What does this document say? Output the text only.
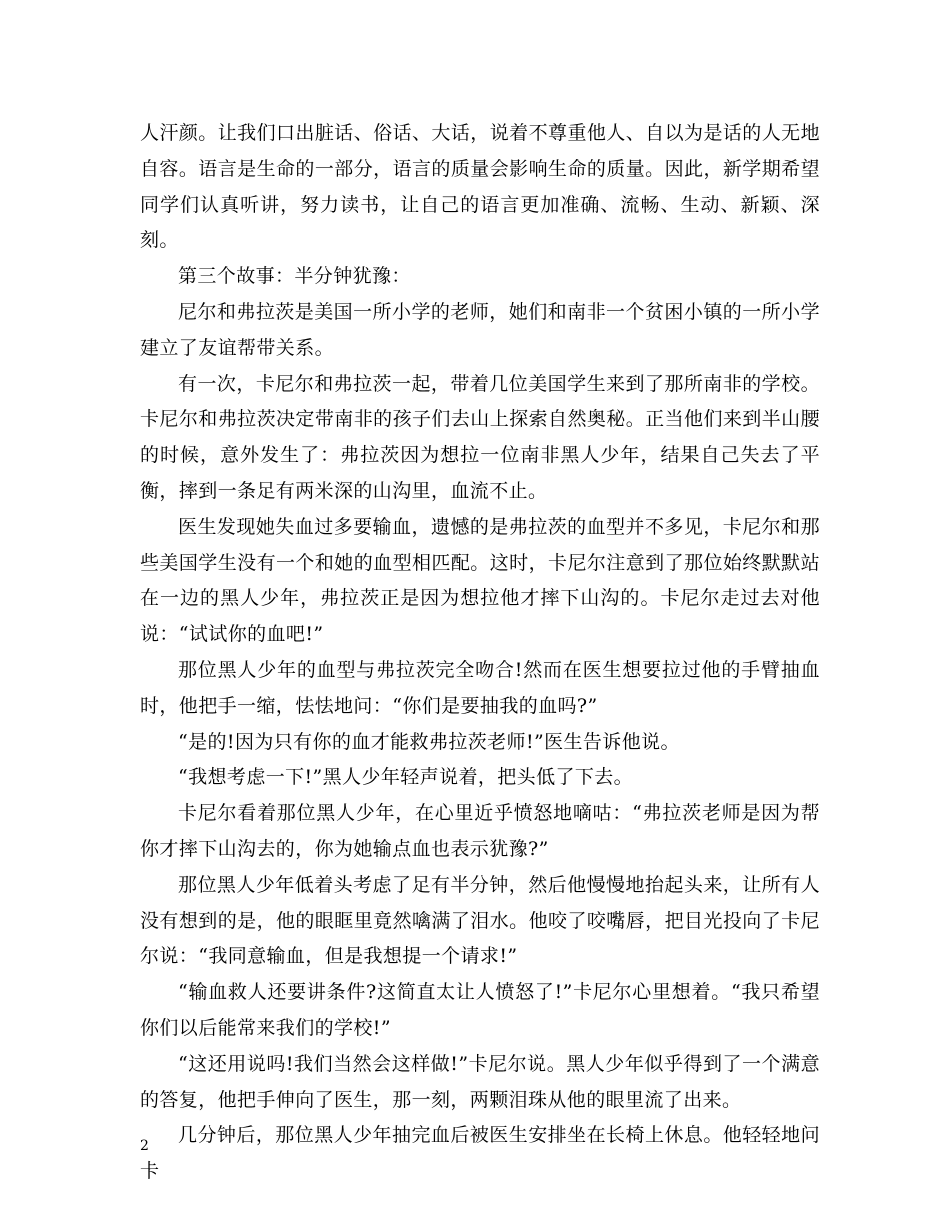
人汗颜。让我们口出脏话、俗话、大话，说着不尊重他人、自以为是话的人无地自容。语言是生命的一部分，语言的质量会影响生命的质量。因此，新学期希望同学们认真听讲，努力读书，让自己的语言更加准确、流畅、生动、新颖、深刻。

第三个故事：半分钟犹豫：

尼尔和弗拉茨是美国一所小学的老师，她们和南非一个贫困小镇的一所小学建立了友谊帮带关系。

有一次，卡尼尔和弗拉茨一起，带着几位美国学生来到了那所南非的学校。卡尼尔和弗拉茨决定带南非的孩子们去山上探索自然奥秘。正当他们来到半山腰的时候，意外发生了：弗拉茨因为想拉一位南非黑人少年，结果自己失去了平衡，摔到一条足有两米深的山沟里，血流不止。

医生发现她失血过多要输血，遗憾的是弗拉茨的血型并不多见，卡尼尔和那些美国学生没有一个和她的血型相匹配。这时，卡尼尔注意到了那位始终默默站在一边的黑人少年，弗拉茨正是因为想拉他才摔下山沟的。卡尼尔走过去对他说：“试试你的血吧!”

那位黑人少年的血型与弗拉茨完全吻合!然而在医生想要拉过他的手臂抽血时，他把手一缩，怯怯地问：“你们是要抽我的血吗?”

“是的!因为只有你的血才能救弗拉茨老师!”医生告诉他说。

“我想考虑一下!”黑人少年轻声说着，把头低了下去。

卡尼尔看着那位黑人少年，在心里近乎愤怒地嘀咕：“弗拉茨老师是因为帮你才摔下山沟去的，你为她输点血也表示犹豫?”

那位黑人少年低着头考虑了足有半分钟，然后他慢慢地抬起头来，让所有人没有想到的是，他的眼眶里竟然噙满了泪水。他咬了咬嘴唇，把目光投向了卡尼尔说：“我同意输血，但是我想提一个请求!”

“输血救人还要讲条件?这简直太让人愤怒了!”卡尼尔心里想着。“我只希望你们以后能常来我们的学校!”

“这还用说吗!我们当然会这样做!”卡尼尔说。黑人少年似乎得到了一个满意的答复，他把手伸向了医生，那一刻，两颗泪珠从他的眼里流了出来。

几分钟后，那位黑人少年抽完血后被医生安排坐在长椅上休息。他轻轻地问卡

2
